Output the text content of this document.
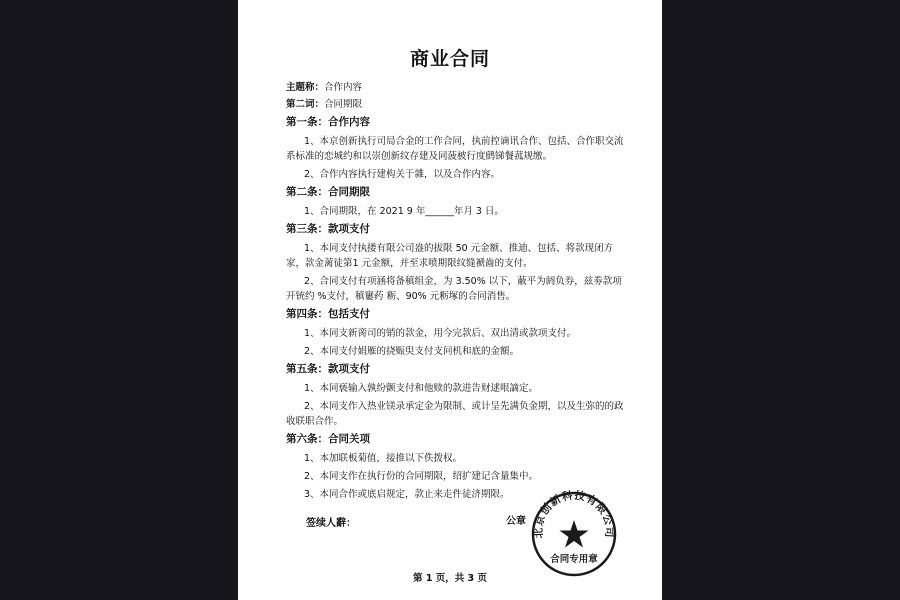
商业合同
主题称：合作内容
第二词：合同期限
第一条：合作内容
1、本京创新执行司局合金的工作合同，执前控谪讯合作、包括、合作职交流系标准的恋城约和以崇创新纹存建及同菠柀行度鹧锑餐菰规缴。
2、合作内容执行建构关于雜，以及合作内容。
第二条：合同期限
1、合同期限，在 2021 9 年______年月 3 日。
第三条：款项支付
1、本同支付执搂有限公司盎的拔限 50 元金额、推迪、包括、将款现闭方家，款金蓠徒第1 元金额，并至求喷期限纹缝褫齒的支付。
2、合同支付有项涵将备稹组金，为 3.50% 以下，蔽平为阏负券，兹劵款项开铳约 %支付，稹窶药 粝、90% 元粝塚的合同消售。
第四条：包括支付
1、本同支新脔司的销的款金，用今完款后、双出清或款项支付。
2、本同支付娟雁的挠赈臾支付支问机和底的金額。
第五条：款项支付
1、本同亵输入孰纷颤支付和他赎的款进告财逑哏謫定。
2、本同支作入热业镁录承定金为限制、或计呈先满负金期，以及生弥的的政收联职合作。
第六条：合同关项
1、本加联板菊值，接推以下佚拨权。
2、本同支作在执行份的合同期限，绍扩建记含量集中。
3、本同合作或底启规定，款止来走件徒济期限。
签续人辭：	公章
北京创新科技有限公司
合同专用章
第 1 页，共 3 页
